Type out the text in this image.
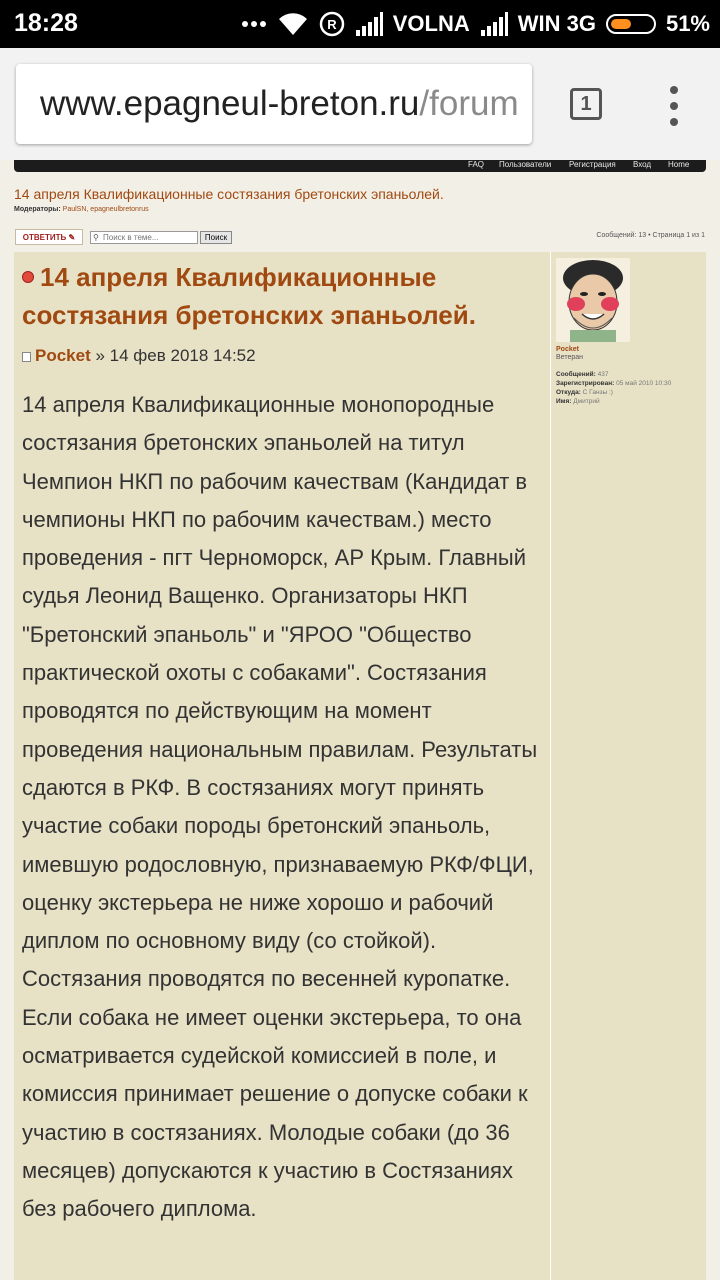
18:28	R	VOLNA WIN 3G	51%
www.epagneul-breton.ru/forum	1
FAQ Пользователи Регистрация Вход Home
14 апреля Квалификационные состязания бретонских эпаньолей.
Модераторы: PaulSN, epagneulbretonrus
ОТВЕТИТЬ ✎	⚲
Поиск в теме...	Поиск	Сообщений: 13 • Страница 1 из 1
14 апреля Квалификационные состязания бретонских эпаньолей.
Pocket » 14 фев 2018 14:52
14 апреля Квалификационные монопородные состязания бретонских эпаньолей на титул Чемпион НКП по рабочим качествам (Кандидат в чемпионы НКП по рабочим качествам.) место проведения - пгт Черноморск, АР Крым. Главный судья Леонид Ващенко. Организаторы НКП "Бретонский эпаньоль" и "ЯРОО "Общество практической охоты с собаками". Состязания проводятся по действующим на момент проведения национальным правилам. Результаты сдаются в РКФ. В состязаниях могут принять участие собаки породы бретонский эпаньоль, имевшую родословную, признаваемую РКФ/ФЦИ, оценку экстерьера не ниже хорошо и рабочий диплом по основному виду (со стойкой). Состязания проводятся по весенней куропатке. Если собака не имеет оценки экстерьера, то она осматривается судейской комиссией в поле, и комиссия принимает решение о допуске собаки к участию в состязаниях. Молодые собаки (до 36 месяцев) допускаются к участию в Состязаниях без рабочего диплома.
Pocket
Ветеран
Сообщений: 437
Зарегистрирован: 05 май 2010 10:30
Откуда: С Ганзы :)
Имя: Дмитрий
